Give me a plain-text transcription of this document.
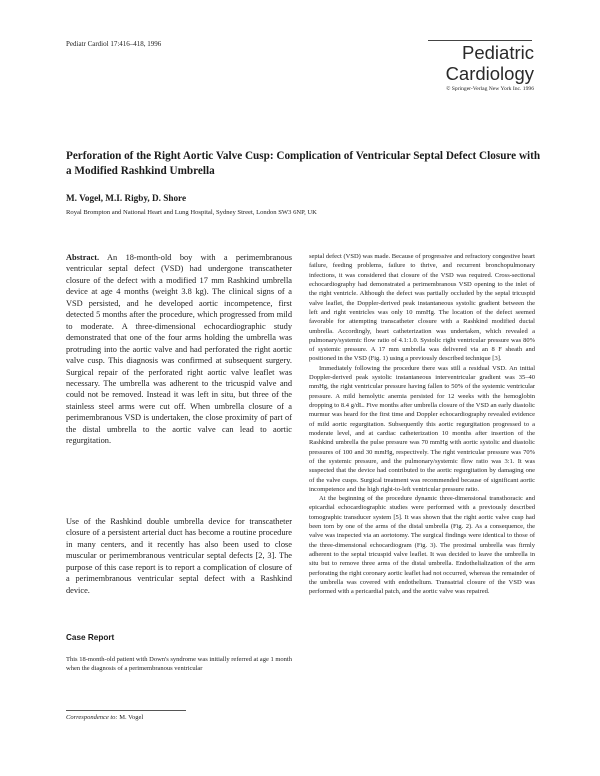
Pediatr Cardiol 17:416–418, 1996	Pediatric
Cardiology
© Springer-Verlag New York Inc. 1996
Perforation of the Right Aortic Valve Cusp: Complication of Ventricular Septal Defect Closure with a Modified Rashkind Umbrella
M. Vogel, M.I. Rigby, D. Shore
Royal Brompton and National Heart and Lung Hospital, Sydney Street, London SW3 6NP, UK

Abstract. An 18-month-old boy with a perimembranous ventricular septal defect (VSD) had undergone transcatheter closure of the defect with a modified 17 mm Rashkind umbrella device at age 4 months (weight 3.8 kg). The clinical signs of a VSD persisted, and he developed aortic incompetence, first detected 5 months after the procedure, which progressed from mild to moderate. A three-dimensional echocardiographic study demonstrated that one of the four arms holding the umbrella was protruding into the aortic valve and had perforated the right aortic valve cusp. This diagnosis was confirmed at subsequent surgery. Surgical repair of the perforated right aortic valve leaflet was necessary. The umbrella was adherent to the tricuspid valve and could not be removed. Instead it was left in situ, but three of the stainless steel arms were cut off. When umbrella closure of a perimembranous VSD is undertaken, the close proximity of part of the distal umbrella to the aortic valve can lead to aortic regurgitation.

Use of the Rashkind double umbrella device for transcatheter closure of a persistent arterial duct has become a routine procedure in many centers, and it recently has also been used to close muscular or perimembranous ventricular septal defects [2, 3]. The purpose of this case report is to report a complication of closure of a perimembranous ventricular septal defect with a Rashkind device.

Case Report

This 18-month-old patient with Down's syndrome was initially referred at age 1 month when the diagnosis of a perimembranous ventricular

Correspondence to: M. Vogel

septal defect (VSD) was made. Because of progressive and refractory congestive heart failure, feeding problems, failure to thrive, and recurrent bronchopulmonary infections, it was considered that closure of the VSD was required. Cross-sectional echocardiography had demonstrated a perimembranous VSD opening to the inlet of the right ventricle. Although the defect was partially occluded by the septal tricuspid valve leaflet, the Doppler-derived peak instantaneous systolic gradient between the left and right ventricles was only 10 mmHg. The location of the defect seemed favorable for attempting transcatheter closure with a Rashkind modified ductal umbrella. Accordingly, heart catheterization was undertaken, which revealed a pulmonary/systemic flow ratio of 4.1:1.0. Systolic right ventricular pressure was 80% of systemic pressure. A 17 mm umbrella was delivered via an 8 F sheath and positioned in the VSD (Fig. 1) using a previously described technique [3].

Immediately following the procedure there was still a residual VSD. An initial Doppler-derived peak systolic instantaneous interventricular gradient was 35–40 mmHg, the right ventricular pressure having fallen to 50% of the systemic ventricular pressure. A mild hemolytic anemia persisted for 12 weeks with the hemoglobin dropping to 8.4 g/dL. Five months after umbrella closure of the VSD an early diastolic murmur was heard for the first time and Doppler echocardiography revealed evidence of mild aortic regurgitation. Subsequently this aortic regurgitation progressed to a moderate level, and at cardiac catheterization 10 months after insertion of the Rashkind umbrella the pulse pressure was 70 mmHg with aortic systolic and diastolic pressures of 100 and 30 mmHg, respectively. The right ventricular pressure was 70% of the systemic pressure, and the pulmonary/systemic flow ratio was 3:1. It was suspected that the device had contributed to the aortic regurgitation by damaging one of the valve cusps. Surgical treatment was recommended because of significant aortic incompetence and the high right-to-left ventricular pressure ratio.

At the beginning of the procedure dynamic three-dimensional transthoracic and epicardial echocardiographic studies were performed with a previously described tomographic transducer system [5]. It was shown that the right aortic valve cusp had been torn by one of the arms of the distal umbrella (Fig. 2). As a consequence, the valve was inspected via an aortotomy. The surgical findings were identical to those of the three-dimensional echocardiogram (Fig. 3). The proximal umbrella was firmly adherent to the septal tricuspid valve leaflet. It was decided to leave the umbrella in situ but to remove three arms of the distal umbrella. Endothelialization of the arm perforating the right coronary aortic leaflet had not occurred, whereas the remainder of the umbrella was covered with endothelium. Transatrial closure of the VSD was performed with a pericardial patch, and the aortic valve was repaired.
